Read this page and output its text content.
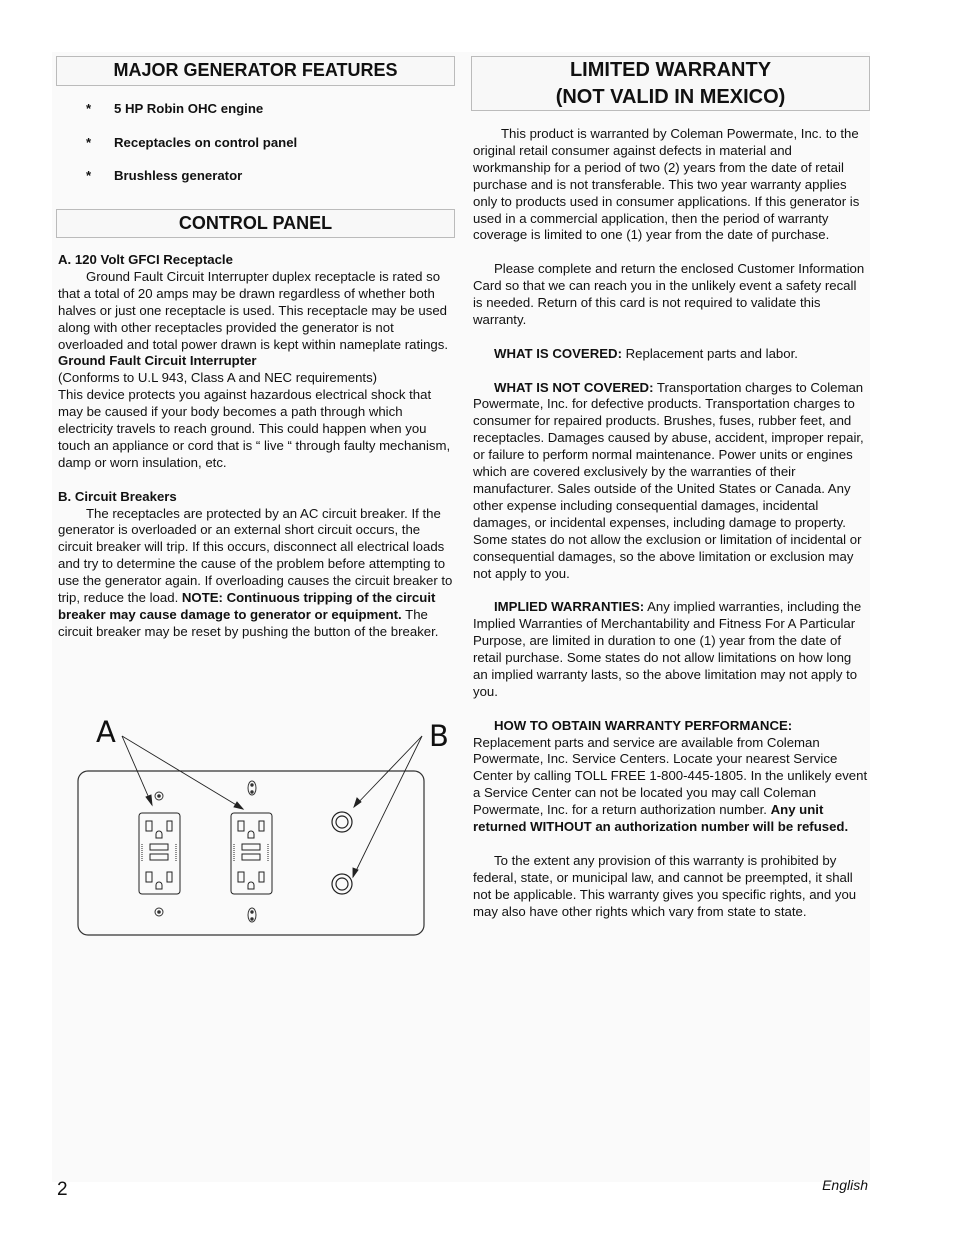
MAJOR GENERATOR FEATURES
* 5 HP Robin OHC engine
* Receptacles on control panel
* Brushless generator
CONTROL PANEL

A. 120 Volt GFCI Receptacle

Ground Fault Circuit Interrupter duplex receptacle is rated so that a total of 20 amps may be drawn regardless of whether both halves or just one receptacle is used. This receptacle may be used along with other receptacles provided the generator is not overloaded and total power drawn is kept within nameplate ratings.

Ground Fault Circuit Interrupter

(Conforms to U.L 943, Class A and NEC requirements)

This device protects you against hazardous electrical shock that may be caused if your body becomes a path through which electricity travels to reach ground. This could happen when you touch an appliance or cord that is “ live “ through faulty mechanism, damp or worn insulation, etc.

B. Circuit Breakers

The receptacles are protected by an AC circuit breaker. If the generator is overloaded or an external short circuit occurs, the circuit breaker will trip. If this occurs, disconnect all electrical loads and try to determine the cause of the problem before attempting to use the generator again. If overloading causes the circuit breaker to trip, reduce the load. NOTE: Continuous tripping of the circuit breaker may cause damage to generator or equipment. The circuit breaker may be reset by pushing the button of the breaker.

A	B
LIMITED WARRANTY
(NOT VALID IN MEXICO)

This product is warranted by Coleman Powermate, Inc. to the original retail consumer against defects in material and workmanship for a period of two (2) years from the date of retail purchase and is not transferable. This two year warranty applies only to products used in consumer applications. If this generator is used in a commercial application, then the period of warranty coverage is limited to one (1) year from the date of purchase.

Please complete and return the enclosed Customer Information Card so that we can reach you in the unlikely event a safety recall is needed. Return of this card is not required to validate this warranty.

WHAT IS COVERED: Replacement parts and labor.

WHAT IS NOT COVERED: Transportation charges to Coleman Powermate, Inc. for defective products. Transportation charges to consumer for repaired products. Brushes, fuses, rubber feet, and receptacles. Damages caused by abuse, accident, improper repair, or failure to perform normal maintenance. Power units or engines which are covered exclusively by the warranties of their manufacturer. Sales outside of the United States or Canada. Any other expense including consequential damages, incidental damages, or incidental expenses, including damage to property. Some states do not allow the exclusion or limitation of incidental or consequential damages, so the above limitation or exclusion may not apply to you.

IMPLIED WARRANTIES: Any implied warranties, including the Implied Warranties of Merchantability and Fitness For A Particular Purpose, are limited in duration to one (1) year from the date of retail purchase. Some states do not allow limitations on how long an implied warranty lasts, so the above limitation may not apply to you.

HOW TO OBTAIN WARRANTY PERFORMANCE:

Replacement parts and service are available from Coleman Powermate, Inc. Service Centers. Locate your nearest Service Center by calling TOLL FREE 1-800-445-1805. In the unlikely event a Service Center can not be located you may call Coleman Powermate, Inc. for a return authorization number. Any unit returned WITHOUT an authorization number will be refused.

To the extent any provision of this warranty is prohibited by federal, state, or municipal law, and cannot be preempted, it shall not be applicable. This warranty gives you specific rights, and you may also have other rights which vary from state to state.

2	English
